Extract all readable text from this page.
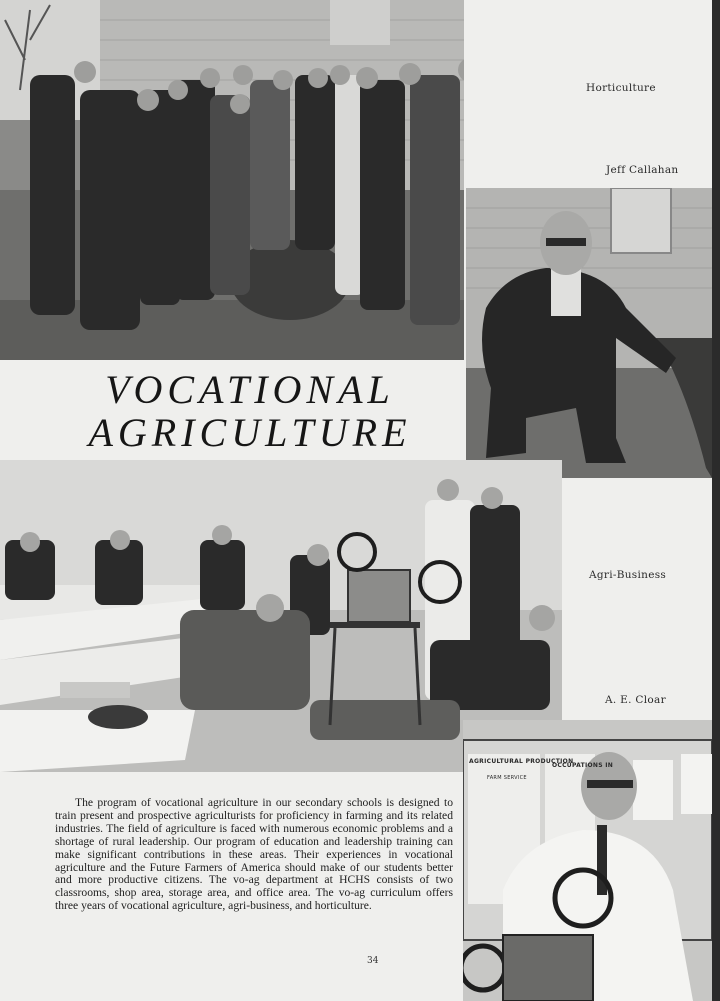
AGRICULTURAL PRODUCTION
OCCUPATIONS IN
FARM SERVICE
VOCATIONAL
AGRICULTURE
Horticulture
Jeff Callahan
Agri-Business
A. E. Cloar
The program of vocational agriculture in our secondary schools is designed to train present and prospective agriculturists for proficiency in farming and its related industries. The field of agriculture is faced with numerous economic problems and a shortage of rural leadership. Our program of education and leadership training can make significant contributions in these areas. Their experiences in vocational agriculture and the Future Farmers of America should make of our students better and more productive citizens. The vo-ag department at HCHS consists of two classrooms, shop area, storage area, and office area. The vo-ag curriculum offers three years of vocational agriculture, agri-business, and horticulture.
34
